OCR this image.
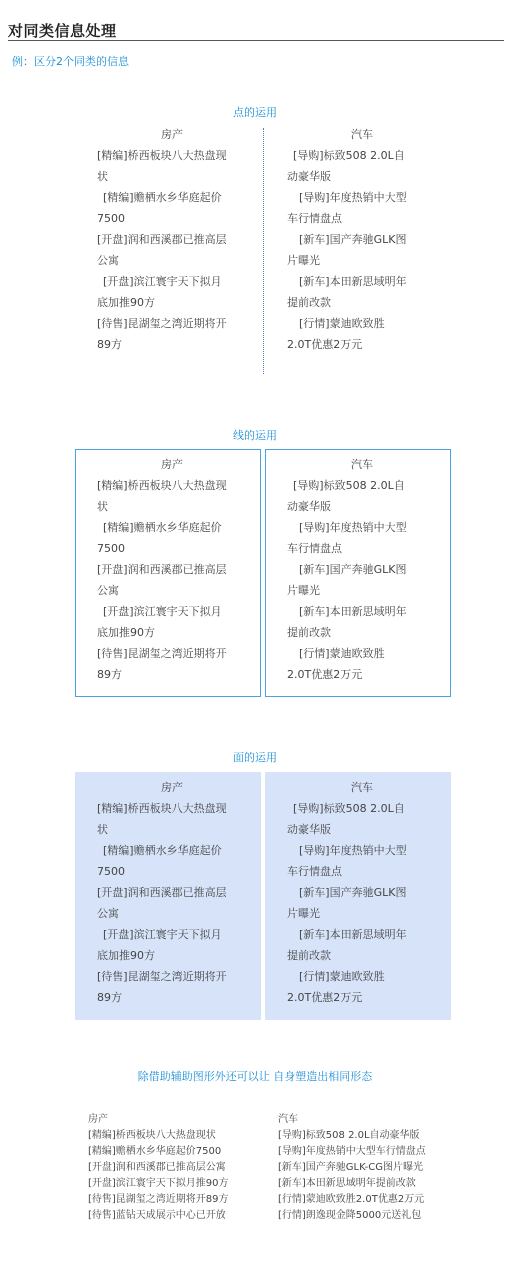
对同类信息处理
例：区分2个同类的信息
点的运用
线的运用
面的运用
房产
[精编]桥西板块八大热盘现
状
[精编]赡栖水乡华庭起价
7500
[开盘]润和西溪郡已推高层
公寓
[开盘]滨江寰宇天下拟月
底加推90方
[待售]昆湖玺之湾近期将开
89方
汽车
[导购]标致508 2.0L自
动豪华版
[导购]年度热销中大型
车行情盘点
[新车]国产奔驰GLK图
片曝光
[新车]本田新思域明年
提前改款
[行情]蒙迪欧致胜
2.0T优惠2万元
房产
[精编]桥西板块八大热盘现
状
[精编]赡栖水乡华庭起价
7500
[开盘]润和西溪郡已推高层
公寓
[开盘]滨江寰宇天下拟月
底加推90方
[待售]昆湖玺之湾近期将开
89方
汽车
[导购]标致508 2.0L自
动豪华版
[导购]年度热销中大型
车行情盘点
[新车]国产奔驰GLK图
片曝光
[新车]本田新思域明年
提前改款
[行情]蒙迪欧致胜
2.0T优惠2万元
房产
[精编]桥西板块八大热盘现
状
[精编]赡栖水乡华庭起价
7500
[开盘]润和西溪郡已推高层
公寓
[开盘]滨江寰宇天下拟月
底加推90方
[待售]昆湖玺之湾近期将开
89方
汽车
[导购]标致508 2.0L自
动豪华版
[导购]年度热销中大型
车行情盘点
[新车]国产奔驰GLK图
片曝光
[新车]本田新思域明年
提前改款
[行情]蒙迪欧致胜
2.0T优惠2万元
除借助辅助图形外还可以让 自身塑造出相同形态
房产
[精编]桥西板块八大热盘现状
[精编]赡栖水乡华庭起价7500
[开盘]润和西溪郡已推高层公寓
[开盘]滨江寰宇天下拟月推90方
[待售]昆湖玺之湾近期将开89方
[待售]蓝钻天成展示中心已开放
汽车
[导购]标致508 2.0L自动豪华版
[导购]年度热销中大型车行情盘点
[新车]国产奔驰GLK-CG图片曝光
[新车]本田新思域明年提前改款
[行情]蒙迪欧致胜2.0T优惠2万元
[行情]朗逸现金降5000元送礼包
